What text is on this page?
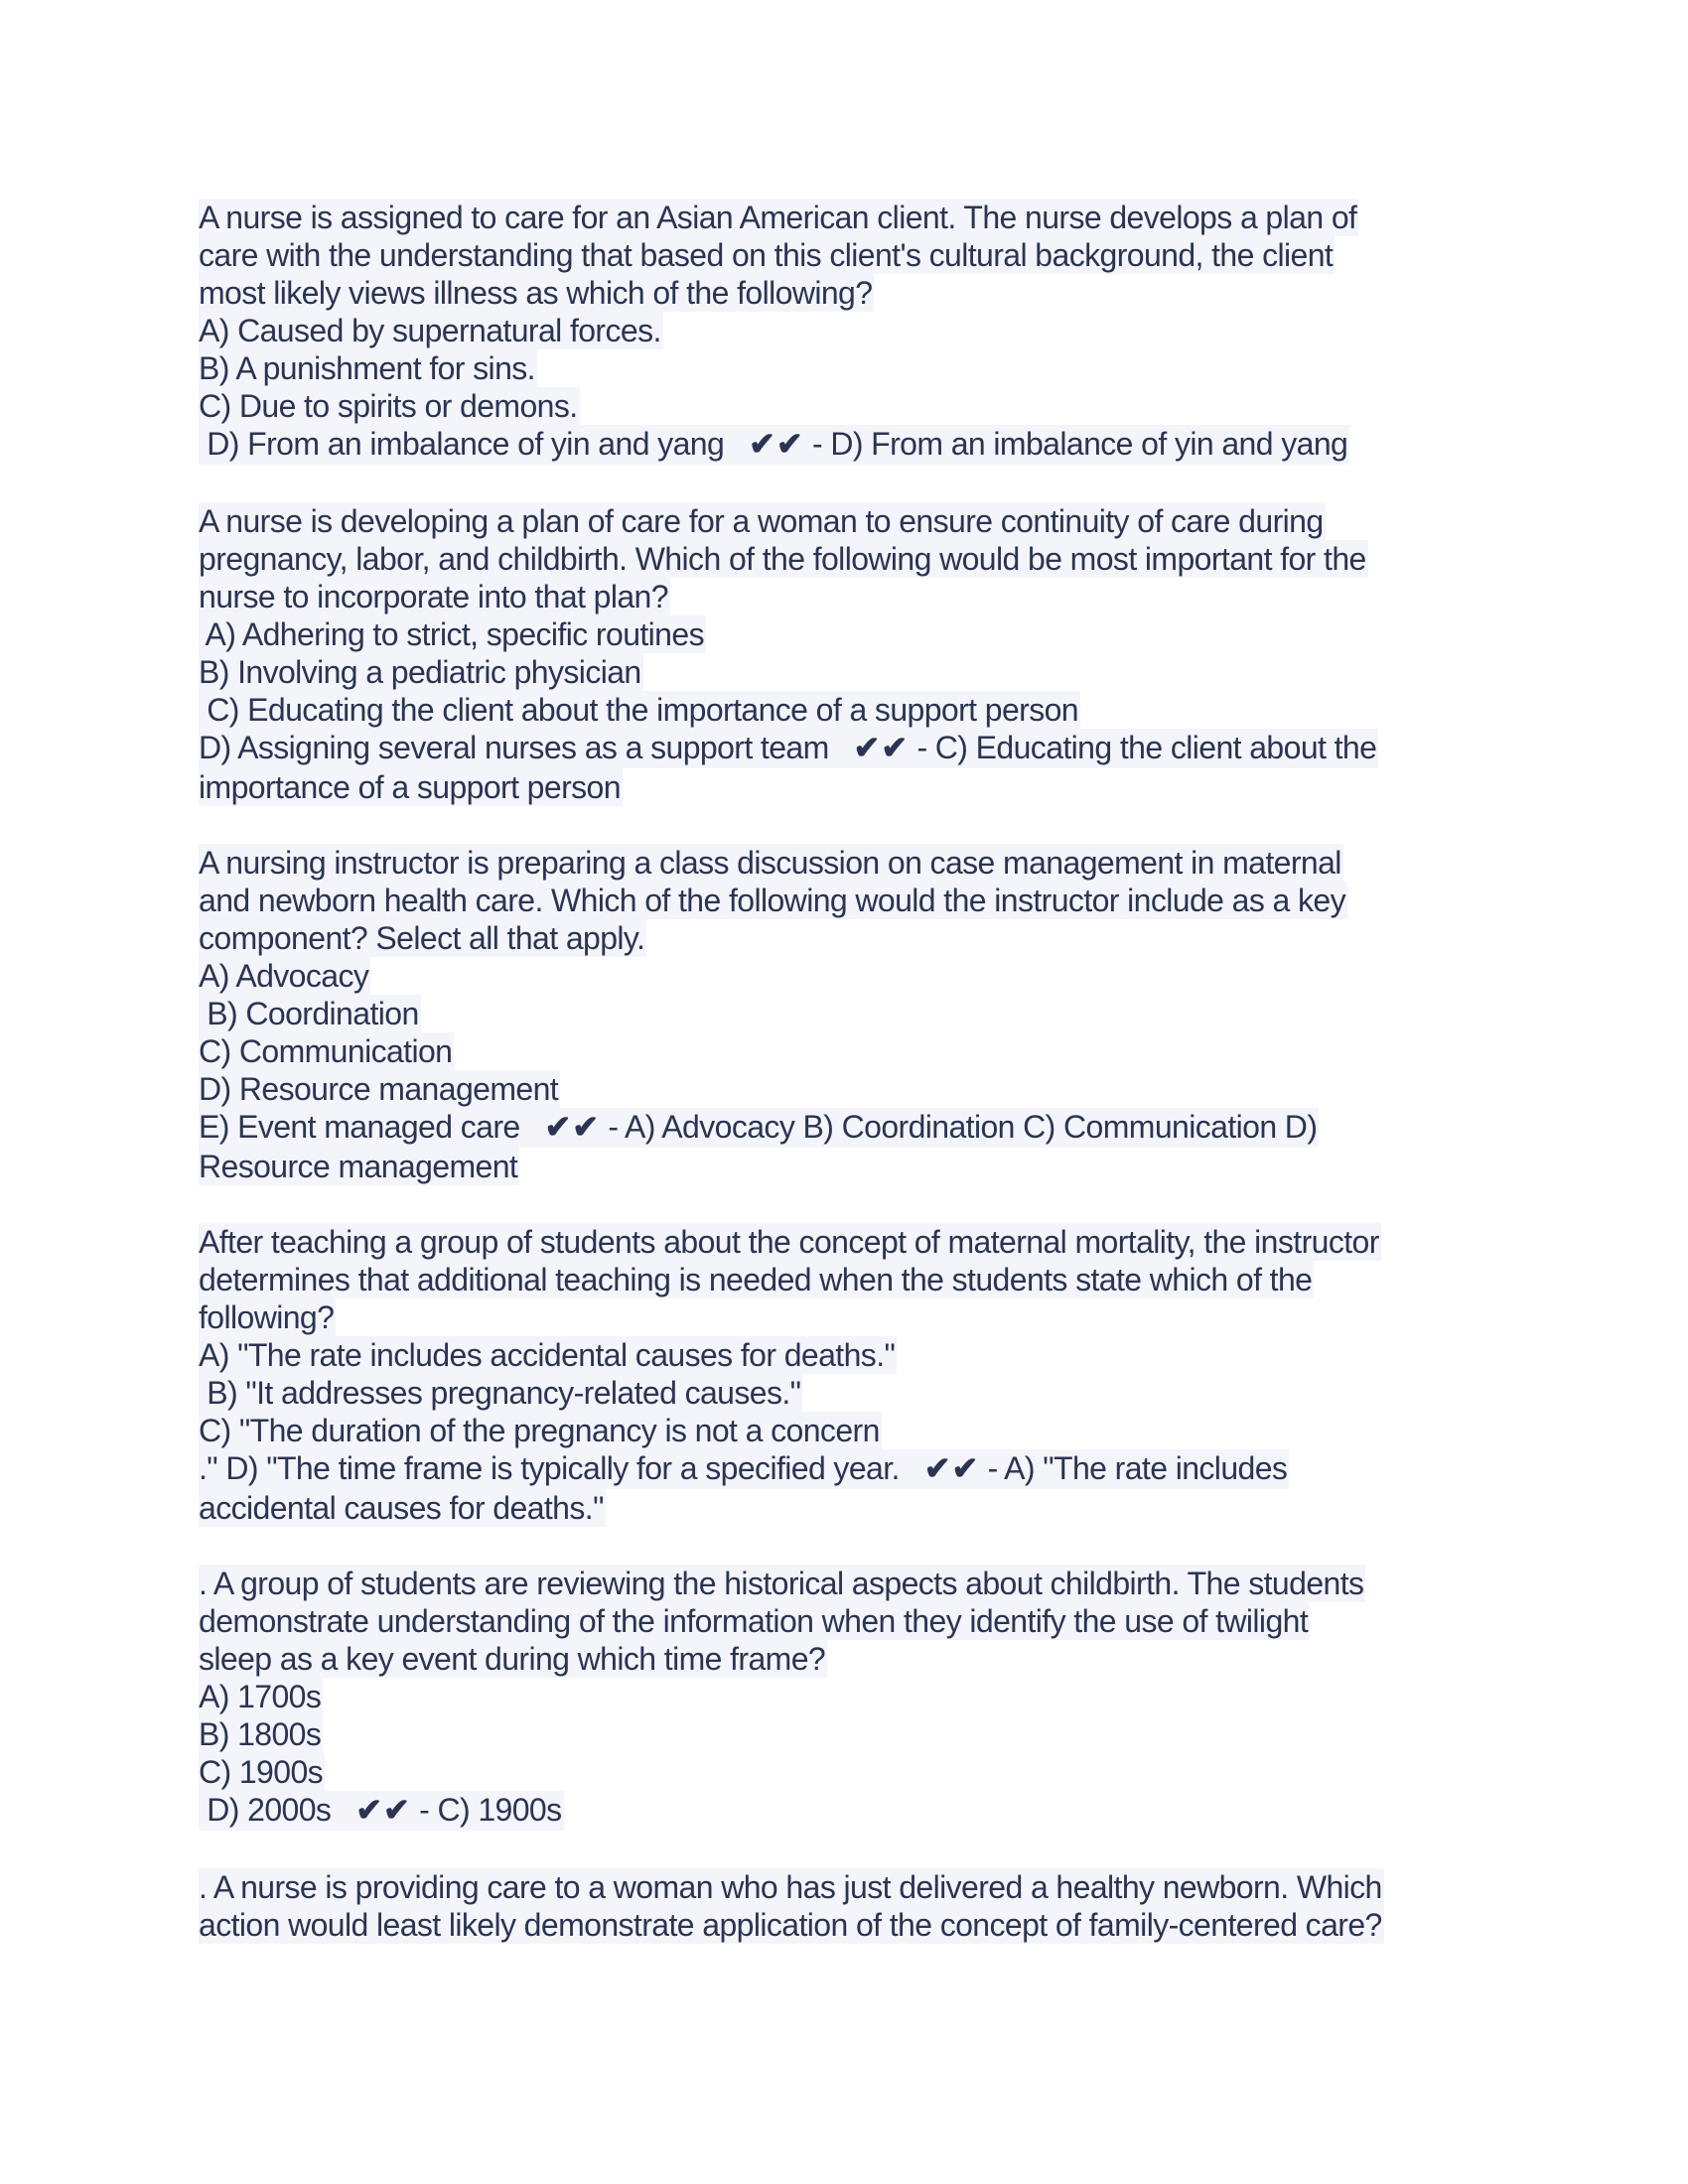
A nurse is assigned to care for an Asian American client. The nurse develops a plan of
care with the understanding that based on this client's cultural background, the client
most likely views illness as which of the following?
A) Caused by supernatural forces.
B) A punishment for sins.
C) Due to spirits or demons.
D) From an imbalance of yin and yang   ✔✔ - D) From an imbalance of yin and yang
A nurse is developing a plan of care for a woman to ensure continuity of care during
pregnancy, labor, and childbirth. Which of the following would be most important for the
nurse to incorporate into that plan?
A) Adhering to strict, specific routines
B) Involving a pediatric physician
C) Educating the client about the importance of a support person
D) Assigning several nurses as a support team   ✔✔ - C) Educating the client about the
importance of a support person
A nursing instructor is preparing a class discussion on case management in maternal
and newborn health care. Which of the following would the instructor include as a key
component? Select all that apply.
A) Advocacy
B) Coordination
C) Communication
D) Resource management
E) Event managed care   ✔✔ - A) Advocacy B) Coordination C) Communication D)
Resource management
After teaching a group of students about the concept of maternal mortality, the instructor
determines that additional teaching is needed when the students state which of the
following?
A) "The rate includes accidental causes for deaths."
B) "It addresses pregnancy-related causes."
C) "The duration of the pregnancy is not a concern
." D) "The time frame is typically for a specified year.   ✔✔ - A) "The rate includes
accidental causes for deaths."
. A group of students are reviewing the historical aspects about childbirth. The students
demonstrate understanding of the information when they identify the use of twilight
sleep as a key event during which time frame?
A) 1700s
B) 1800s
C) 1900s
D) 2000s   ✔✔ - C) 1900s
. A nurse is providing care to a woman who has just delivered a healthy newborn. Which
action would least likely demonstrate application of the concept of family-centered care?
